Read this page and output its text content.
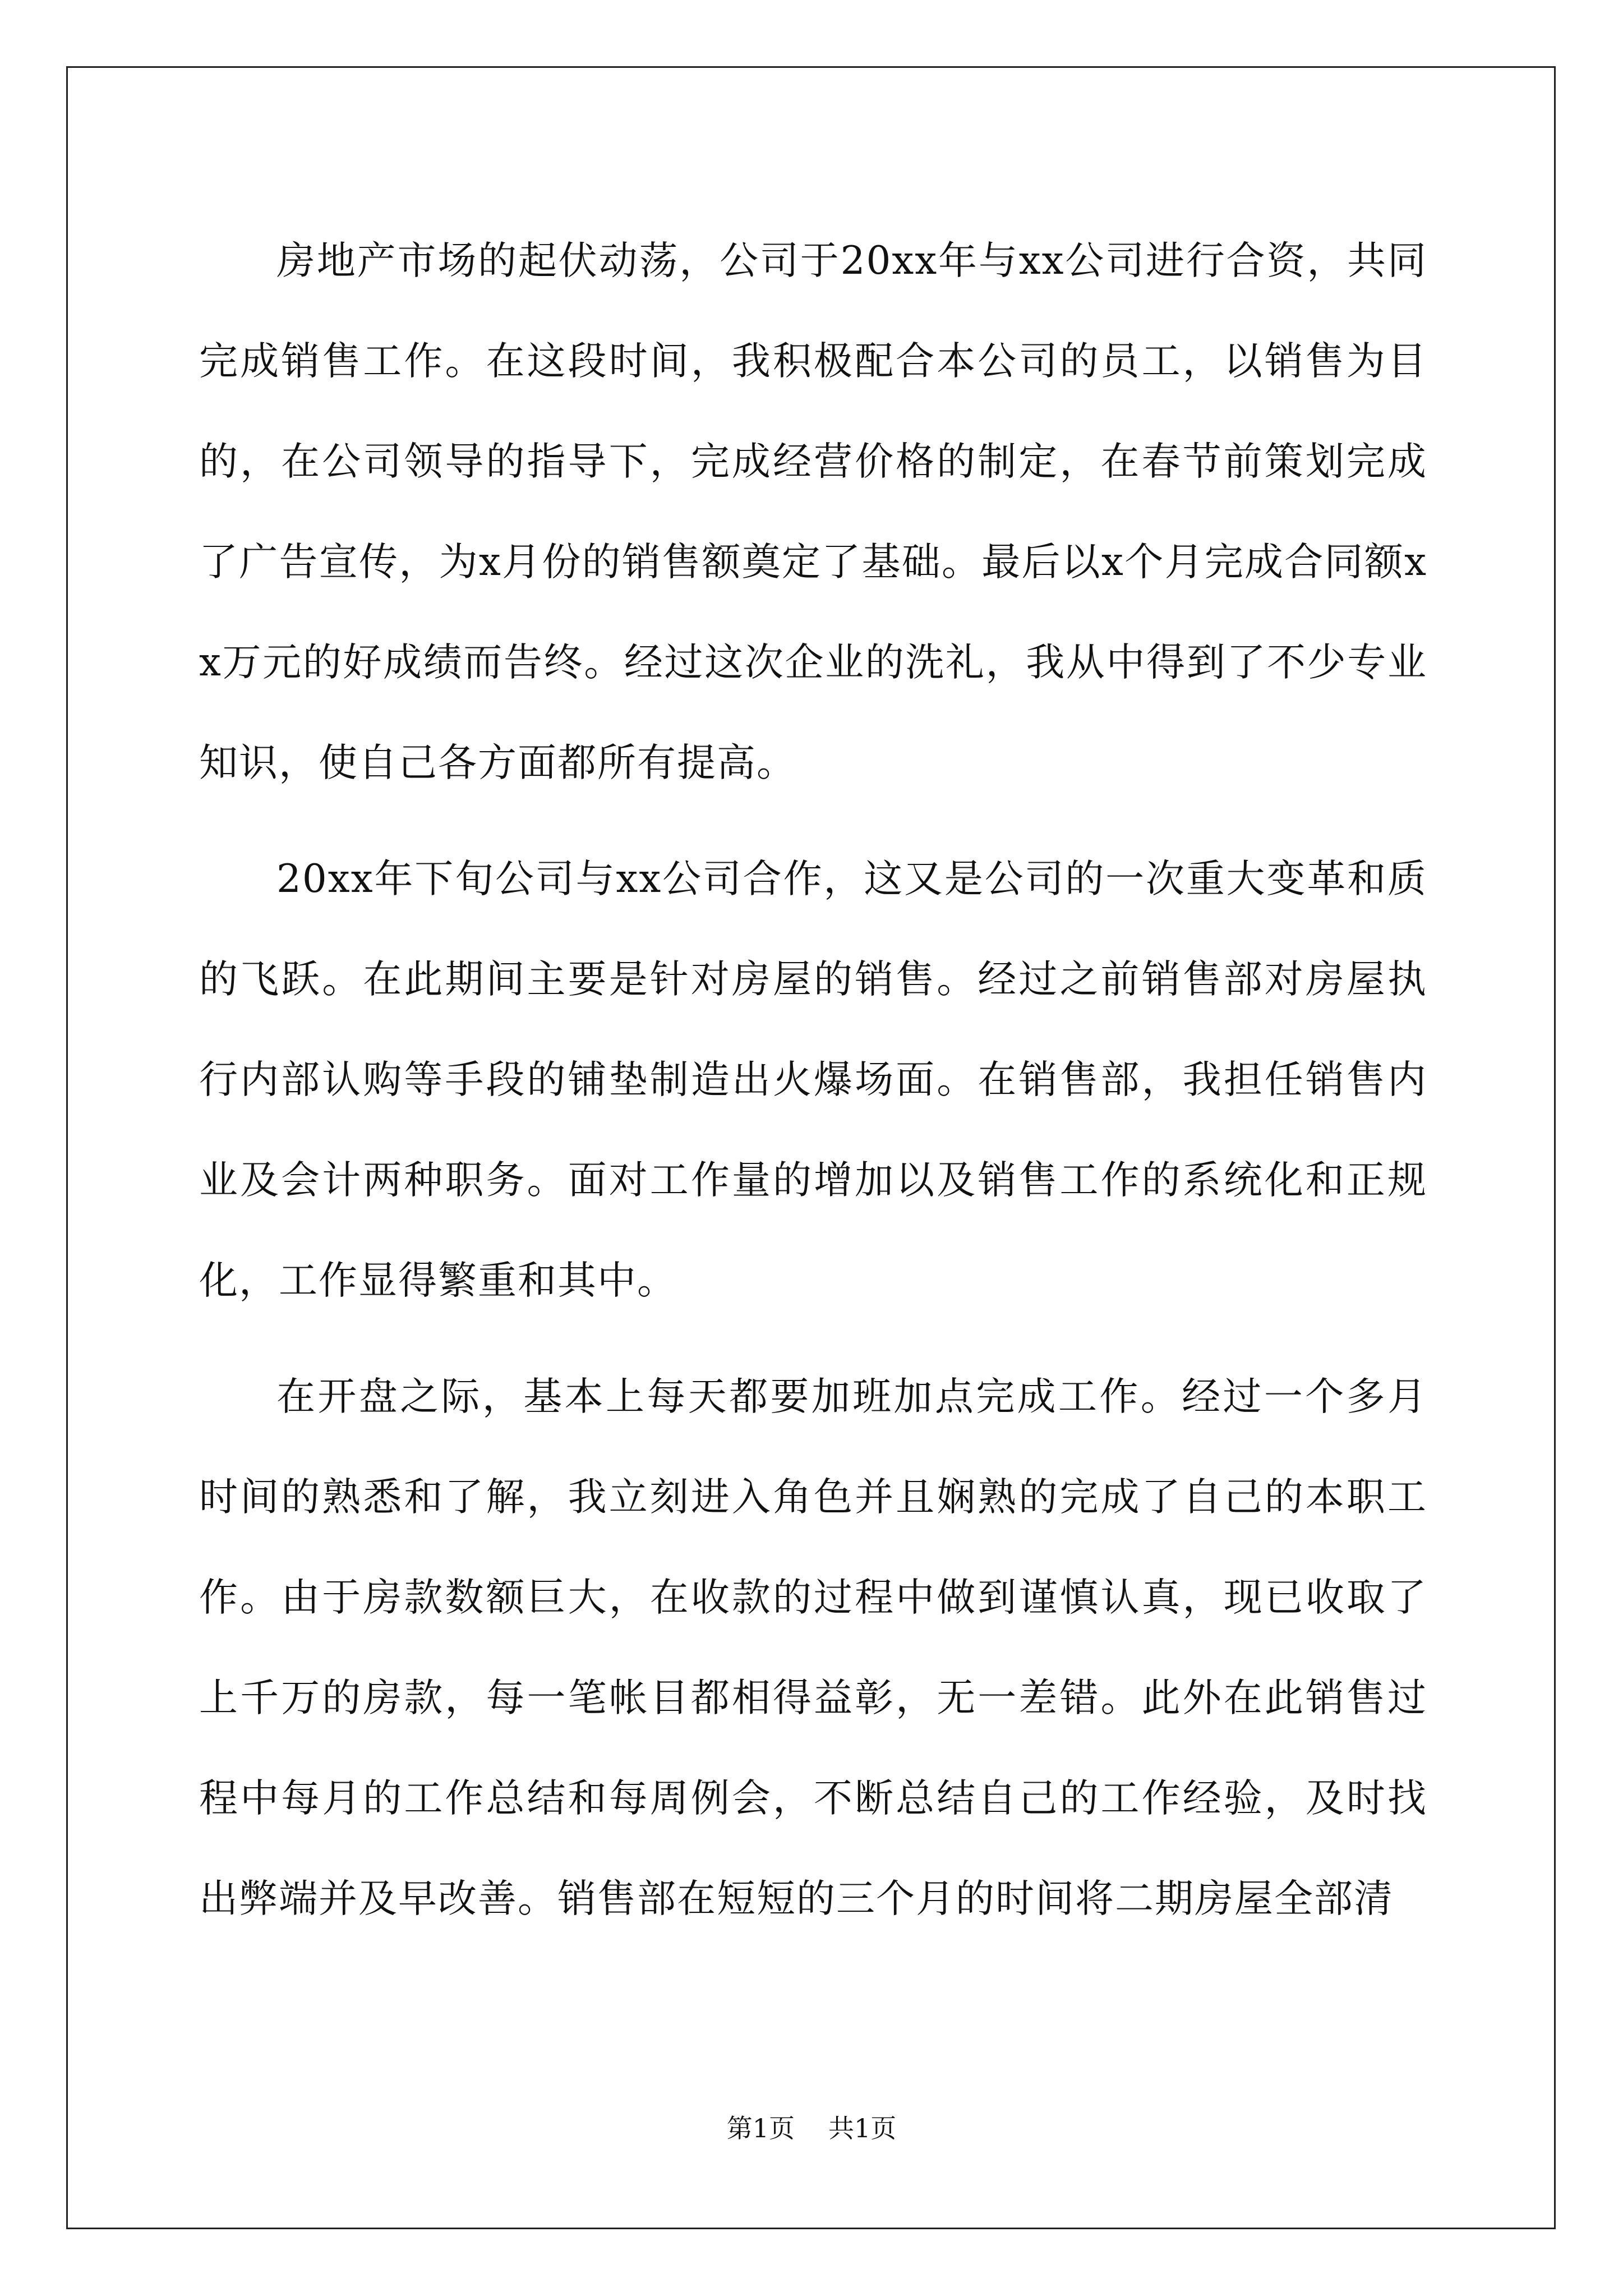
房地产市场的起伏动荡，公司于20xx年与xx公司进行合资，共同完成销售工作。在这段时间，我积极配合本公司的员工，以销售为目的，在公司领导的指导下，完成经营价格的制定，在春节前策划完成了广告宣传，为x月份的销售额奠定了基础。最后以x个月完成合同额xx万元的好成绩而告终。经过这次企业的洗礼，我从中得到了不少专业知识，使自己各方面都所有提高。

20xx年下旬公司与xx公司合作，这又是公司的一次重大变革和质的飞跃。在此期间主要是针对房屋的销售。经过之前销售部对房屋执行内部认购等手段的铺垫制造出火爆场面。在销售部，我担任销售内业及会计两种职务。面对工作量的增加以及销售工作的系统化和正规化，工作显得繁重和其中。

在开盘之际，基本上每天都要加班加点完成工作。经过一个多月时间的熟悉和了解，我立刻进入角色并且娴熟的完成了自己的本职工作。由于房款数额巨大，在收款的过程中做到谨慎认真，现已收取了上千万的房款，每一笔帐目都相得益彰，无一差错。此外在此销售过程中每月的工作总结和每周例会，不断总结自己的工作经验，及时找出弊端并及早改善。销售部在短短的三个月的时间将二期房屋全部清

第1页 共1页
